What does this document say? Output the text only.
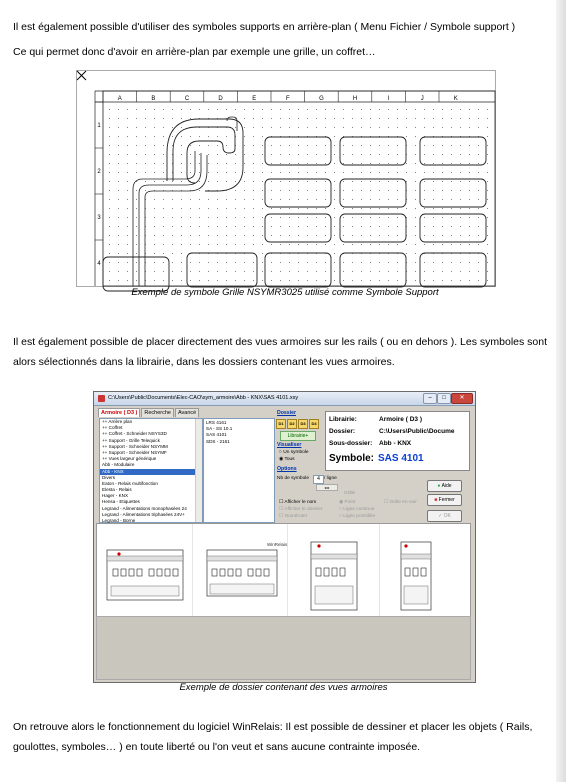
Il est également possible d'utiliser des symboles supports en arrière-plan ( Menu Fichier / Symbole support )
Ce qui permet donc d'avoir en arrière-plan par exemple une grille, un coffret…
A	B	C	D	E	F	G	H	I	J	K
1
2
3
4
Exemple de symbole Grille NSYMR3025 utilisé comme Symbole Support
Il est également possible de placer directement des vues armoires sur les rails ( ou en dehors ). Les symboles sont alors sélectionnés dans la librairie, dans les dossiers contenant les vues armoires.
C:\Users\Public\Documents\Elec-CAO\sym_armoire\Abb - KNX\SAS 4101.xsy	–	□	✕
Armoire ( D3 ) Recherche Avancé
++ Arrière plan
++ Coffret
++ Coffret - Schneider NSYS3D
++ Support - Grille Telequick
++ Support - Schneider NSYMM
++ Support - Schneider NSYMF
++ Vues largeur générique
Abb - Modulaire
Abb - KNX
Divers
Eaton - Relais multifonction
Elesta - Relais
Hager - KNX
Hensa - Etiquettes
Legrand - Alimentations monophasées 24
Legrand - Alimentations triphasées 24V+
Legrand - Borne
LRS 4161
SA - SS 10.1
SAS 4101
SDS - 2161
Dossier
D1	D2	D3	D4
Librairie+
Visualiser
○ Un symbole
◉ Tous
Options
Nb de symbole	4 / ligne
◂ ▸
Grille
☐ Afficher le nom
☐ Afficher le dossier
☐ Numéroter
◉ Point
○ Ligne continue
○ Ligne pointillée
☐ Grille en noir
Librairie:	Armoire ( D3 )
Dossier:	C:\Users\Public\Docume
Sous-dossier: Abb - KNX
Symbole: SAS 4101
● Aide
■ Fermer
✓ OK
WinRelais
Exemple de dossier contenant des vues armoires
On retrouve alors le fonctionnement du logiciel WinRelais: Il est possible de dessiner et placer les objets ( Rails, goulottes, symboles… ) en toute liberté ou l'on veut et sans aucune contrainte imposée.
